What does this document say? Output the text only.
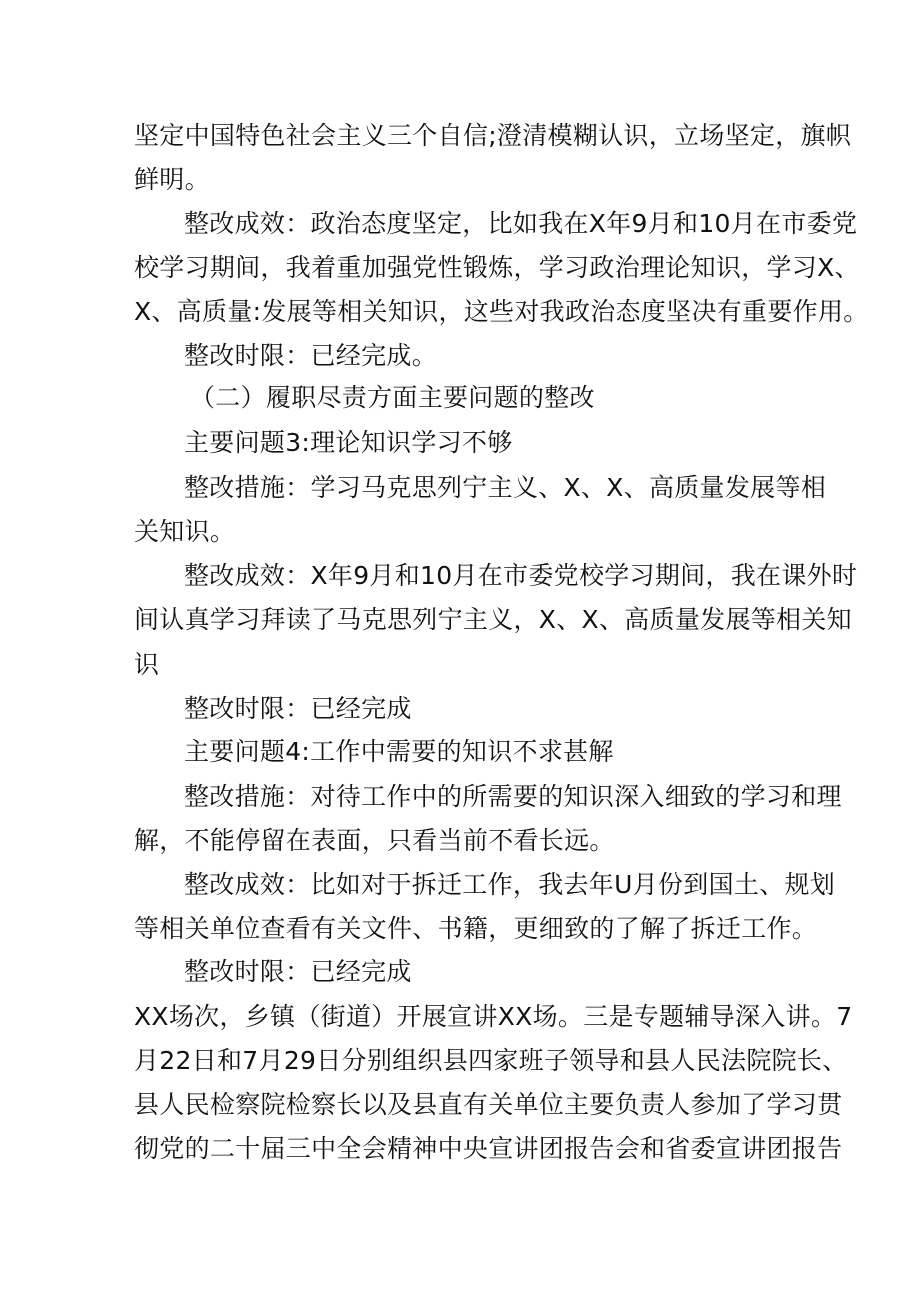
坚定中国特色社会主义三个自信;澄清模糊认识，立场坚定，旗帜
鲜明。
整改成效：政治态度坚定，比如我在X年9月和10月在市委党
校学习期间，我着重加强党性锻炼，学习政治理论知识，学习X、
X、高质量:发展等相关知识，这些对我政治态度坚决有重要作用。
整改时限：已经完成。
（二）履职尽责方面主要问题的整改
主要问题3:理论知识学习不够
整改措施：学习马克思列宁主义、X、X、高质量发展等相
关知识。
整改成效：X年9月和10月在市委党校学习期间，我在课外时
间认真学习拜读了马克思列宁主义，X、X、高质量发展等相关知
识
整改时限：已经完成
主要问题4:工作中需要的知识不求甚解
整改措施：对待工作中的所需要的知识深入细致的学习和理
解，不能停留在表面，只看当前不看长远。
整改成效：比如对于拆迁工作，我去年U月份到国土、规划
等相关单位查看有关文件、书籍，更细致的了解了拆迁工作。
整改时限：已经完成
XX场次，乡镇（街道）开展宣讲XX场。三是专题辅导深入讲。7
月22日和7月29日分别组织县四家班子领导和县人民法院院长、
县人民检察院检察长以及县直有关单位主要负责人参加了学习贯
彻党的二十届三中全会精神中央宣讲团报告会和省委宣讲团报告
